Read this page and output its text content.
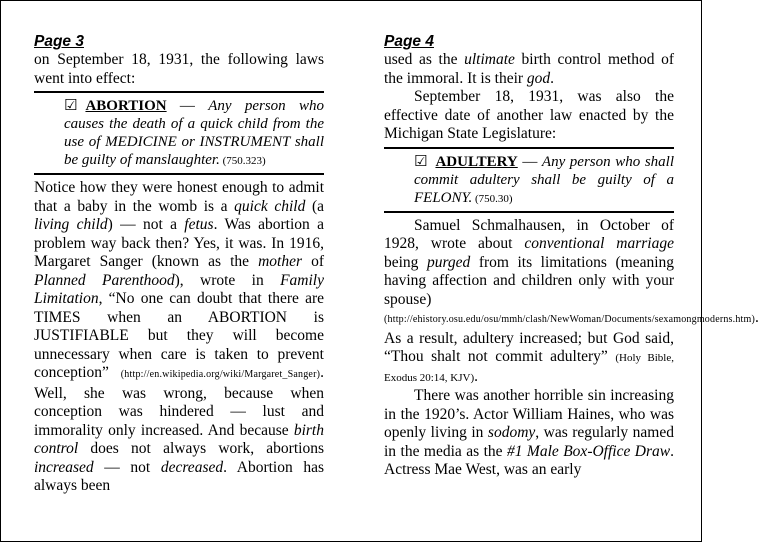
Page 3

on September 18, 1931, the following laws went into effect:

☑ ABORTION — Any person who causes the death of a quick child from the use of MEDICINE or INSTRUMENT shall be guilty of manslaughter. (750.323)

Notice how they were honest enough to admit that a baby in the womb is a quick child (a living child) — not a fetus. Was abortion a problem way back then? Yes, it was. In 1916, Margaret Sanger (known as the mother of Planned Parenthood), wrote in Family Limitation, “No one can doubt that there are TIMES when an ABORTION is JUSTIFIABLE but they will become unnecessary when care is taken to prevent conception” (http://en.wikipedia.org/wiki/Margaret_Sanger). Well, she was wrong, because when conception was hindered — lust and immorality only increased. And because birth control does not always work, abortions increased — not decreased. Abortion has always been

Page 4

used as the ultimate birth control method of the immoral. It is their god.

September 18, 1931, was also the effective date of another law enacted by the Michigan State Legislature:

☑ ADULTERY — Any person who shall commit adultery shall be guilty of a FELONY. (750.30)

Samuel Schmalhausen, in October of 1928, wrote about conventional marriage being purged from its limitations (meaning having affection and children only with your spouse) (http://ehistory.osu.edu/osu/mmh/clash/NewWoman/Documents/sexamongmoderns.htm). As a result, adultery increased; but God said, “Thou shalt not commit adultery” (Holy Bible, Exodus 20:14, KJV).

There was another horrible sin increasing in the 1920’s. Actor William Haines, who was openly living in sodomy, was regularly named in the media as the #1 Male Box-Office Draw. Actress Mae West, was an early
